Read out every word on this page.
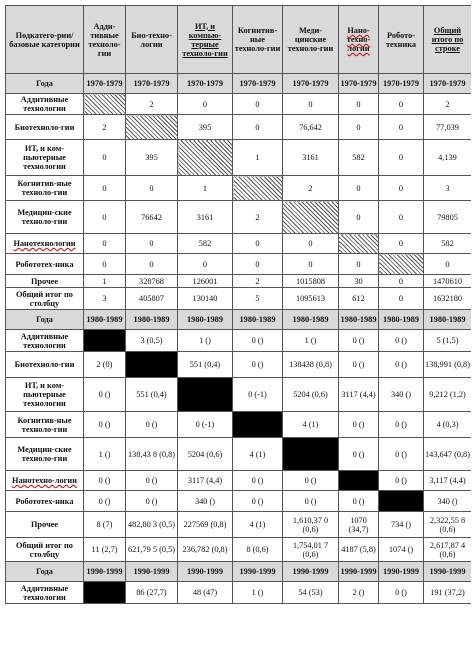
Подкатего-рии/базовые категории	Адди-тивные техноло-гии	Био-техно-логии	ИТ, и компью-терные техноло-гии	Когнитив-ные техноло-гии	Меди-цинские техноло-гии	Нано-техно-логии	Робото-техника	Общий итого по строке
Года	1970-1979	1970-1979	1970-1979	1970-1979	1970-1979	1970-1979	1970-1979	1970-1979
Аддитивные технологии		2	0	0	0	0	0	2
Биотехноло-гии	2		395	0	76,642	0	0	77,039
ИТ, и ком-пьютерные технологии	0	395		1	3161	582	0	4,139
Когнитив-ные техноло-гии	0	0	1		2	0	0	3
Медицин-ские техноло-гии	0	76642	3161	2		0	0	79805
Нанотехнологии	0	0	582	0	0		0	582
Робототех-ника	0	0	0	0	0	0		0
Прочее	1	328768	126001	2	1015808	30	0	1470610
Общий итог по столбцу	3	405807	130140	5	1095613	612	0	1632180
Года	1980-1989	1980-1989	1980-1989	1980-1989	1980-1989	1980-1989	1980-1989	1980-1989
Аддитивные технологии		3 (0,5)	1 ()	0 ()	1 ()	0 ()	0 ()	5 (1,5)
Биотехноло-гии	2 (0)		551 (0,4)	0 ()	138438 (0,8)	0 ()	0 ()	138,991 (0,8)
ИТ, и ком-пьютерные технологии	0 ()	551 (0,4)		0 (-1)	5204 (0,6)	3117 (4,4)	340 ()	9,212 (1,2)
Когнитив-ные техноло-гии	0 ()	0 ()	0 (-1)		4 (1)	0 ()	0 ()	4 (0,3)
Медицин-ские техноло-гии	1 ()	138,43 8 (0,8)	5204 (0,6)	4 (1)		0 ()	0 ()	143,647 (0,8)
Нанотехно-логии	0 ()	0 ()	3117 (4,4)	0 ()	0 ()		0 ()	3,117 (4,4)
Робототех-ника	0 ()	0 ()	340 ()	0 ()	0 ()	0 ()		340 ()
Прочее	8 (7)	482,80 3 (0,5)	227569 (0,8)	4 (1)	1,610,37 0 (0,6)	1070 (34,7)	734 ()	2,322,55 8 (0,6)
Общий итог по столбцу	11 (2,7)	621,79 5 (0,5)	236,782 (0,8)	8 (0,6)	1,754,01 7 (0,6)	4187 (5,8)	1074 ()	2,617,87 4 (0,6)
Года	1990-1999	1990-1999	1990-1999	1990-1999	1990-1999	1990-1999	1990-1999	1990-1999
Аддитивные технологии		86 (27,7)	48 (47)	1 ()	54 (53)	2 ()	0 ()	191 (37,2)
